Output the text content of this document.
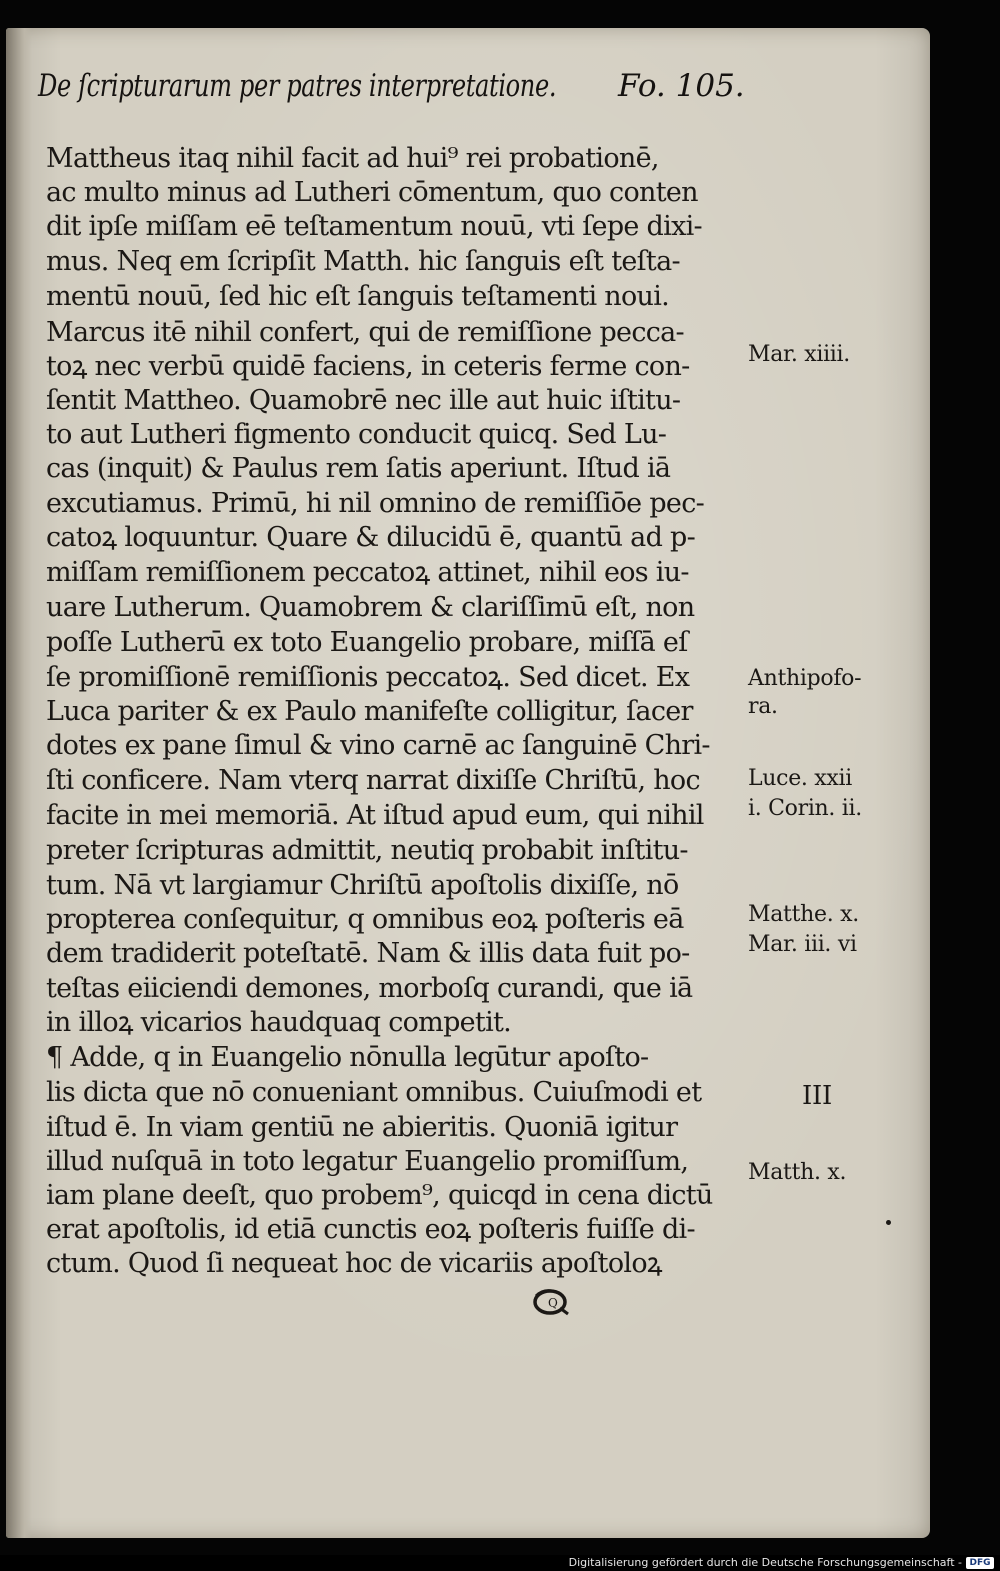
De ſcripturarum per patres interpretatione.	Fo. 105.
Mattheus itaq nihil facit ad hui⁹ rei probationē,
ac multo minus ad Lutheri cōmentum, quo conten
dit ipſe miſſam eē teſtamentum nouū, vti ſepe dixi-
mus. Neq em ſcripſit Matth. hic ſanguis eſt teſta-
mentū nouū, ſed hic eſt ſanguis teſtamenti noui.
Marcus itē nihil confert, qui de remiſſione pecca-
toꝝ nec verbū quidē faciens, in ceteris ferme con-
ſentit Mattheo. Quamobrē nec ille aut huic iſtitu-
to aut Lutheri figmento conducit quicq. Sed Lu-
cas (inquit) & Paulus rem ſatis aperiunt. Iſtud iā
excutiamus. Primū, hi nil omnino de remiſſiōe pec-
catoꝝ loquuntur. Quare & dilucidū ē, quantū ad p-
miſſam remiſſionem peccatoꝝ attinet, nihil eos iu-
uare Lutherum. Quamobrem & clariſſimū eſt, non
poſſe Lutherū ex toto Euangelio probare, miſſā eſ
ſe promiſſionē remiſſionis peccatoꝝ. Sed dicet. Ex
Luca pariter & ex Paulo manifeſte colligitur, ſacer
dotes ex pane ſimul & vino carnē ac ſanguinē Chri-
ſti conficere. Nam vterq narrat dixiſſe Chriſtū, hoc
facite in mei memoriā. At iſtud apud eum, qui nihil
preter ſcripturas admittit, neutiq probabit inſtitu-
tum. Nā vt largiamur Chriſtū apoſtolis dixiſſe, nō
propterea conſequitur, q omnibus eoꝝ poſteris eā
dem tradiderit poteſtatē. Nam & illis data fuit po-
teſtas eiiciendi demones, morboſq curandi, que iā
in illoꝝ vicarios haudquaq competit.
¶ Adde, q in Euangelio nōnulla legūtur apoſto-
lis dicta que nō conueniant omnibus. Cuiuſmodi et
iſtud ē. In viam gentiū ne abieritis. Quoniā igitur
illud nuſquā in toto legatur Euangelio promiſſum,
iam plane deeſt, quo probem⁹, quicqd in cena dictū
erat apoſtolis, id etiā cunctis eoꝝ poſteris fuiſſe di-
ctum. Quod ſi nequeat hoc de vicariis apoſtoloꝝ
Mar. xiiii.
Anthipofo-
ra.
Luce. xxii
i. Corin. ii.
Matthe. x.
Mar. iii. vi
III
Matth. x.
Q
Digitalisierung gefördert durch die Deutsche Forschungsgemeinschaft - DFG
